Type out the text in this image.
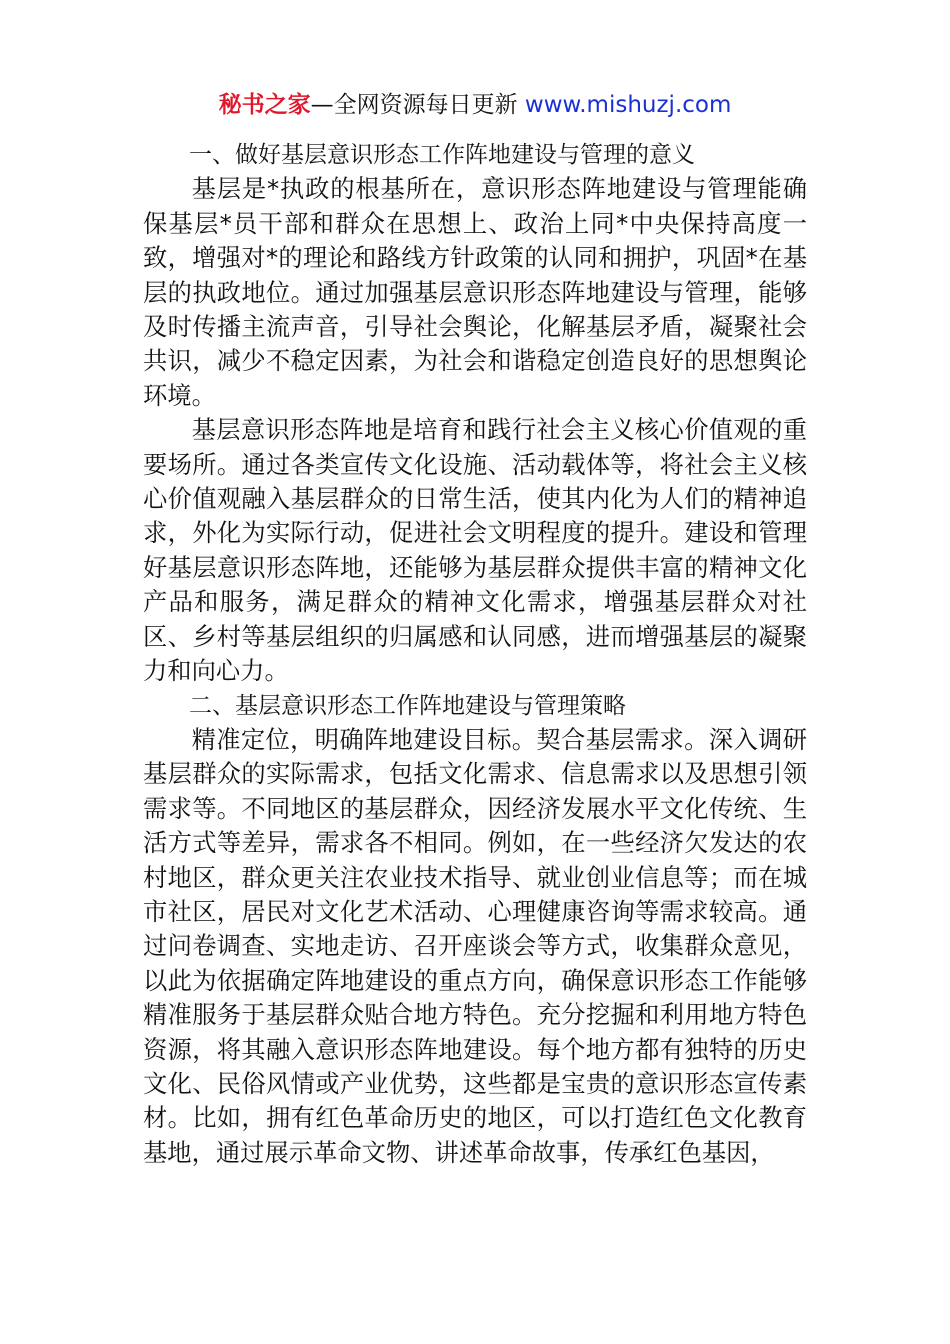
秘书之家—全网资源每日更新 www.mishuzj.com

一、做好基层意识形态工作阵地建设与管理的意义

基层是*执政的根基所在，意识形态阵地建设与管理能确保基层*员干部和群众在思想上、政治上同*中央保持高度一致，增强对*的理论和路线方针政策的认同和拥护，巩固*在基层的执政地位。通过加强基层意识形态阵地建设与管理，能够及时传播主流声音，引导社会舆论，化解基层矛盾，凝聚社会共识，减少不稳定因素，为社会和谐稳定创造良好的思想舆论环境。

基层意识形态阵地是培育和践行社会主义核心价值观的重要场所。通过各类宣传文化设施、活动载体等，将社会主义核心价值观融入基层群众的日常生活，使其内化为人们的精神追求，外化为实际行动，促进社会文明程度的提升。建设和管理好基层意识形态阵地，还能够为基层群众提供丰富的精神文化产品和服务，满足群众的精神文化需求，增强基层群众对社区、乡村等基层组织的归属感和认同感，进而增强基层的凝聚力和向心力。

二、基层意识形态工作阵地建设与管理策略

精准定位，明确阵地建设目标。契合基层需求。深入调研基层群众的实际需求，包括文化需求、信息需求以及思想引领需求等。不同地区的基层群众，因经济发展水平文化传统、生活方式等差异，需求各不相同。例如，在一些经济欠发达的农村地区，群众更关注农业技术指导、就业创业信息等；而在城市社区，居民对文化艺术活动、心理健康咨询等需求较高。通过问卷调查、实地走访、召开座谈会等方式，收集群众意见，以此为依据确定阵地建设的重点方向，确保意识形态工作能够精准服务于基层群众贴合地方特色。充分挖掘和利用地方特色资源，将其融入意识形态阵地建设。每个地方都有独特的历史文化、民俗风情或产业优势，这些都是宝贵的意识形态宣传素材。比如，拥有红色革命历史的地区，可以打造红色文化教育基地，通过展示革命文物、讲述革命故事，传承红色基因，
